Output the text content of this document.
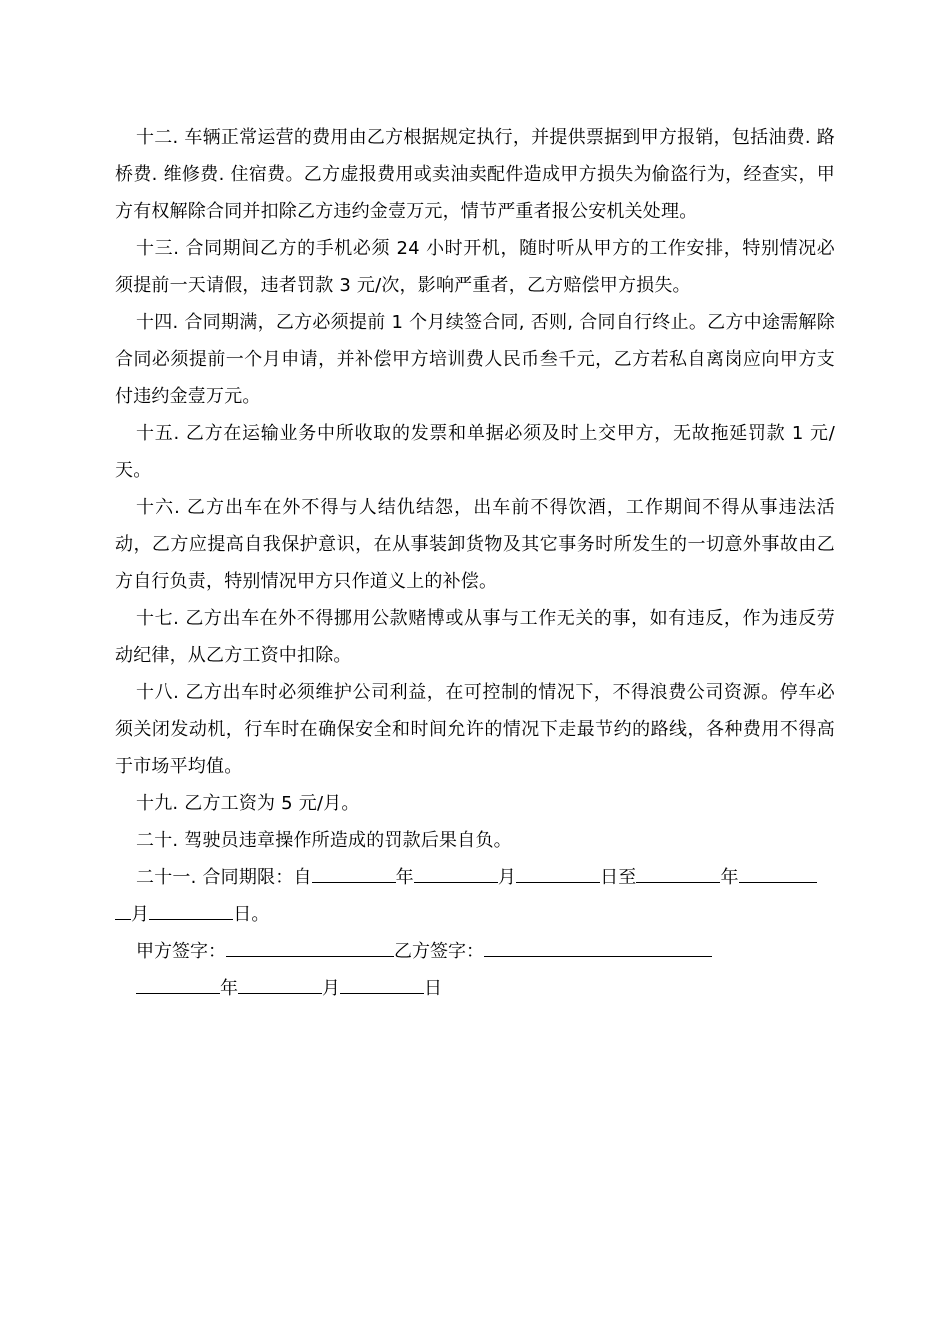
十二. 车辆正常运营的费用由乙方根据规定执行，并提供票据到甲方报销，包括油费. 路桥费. 维修费. 住宿费。乙方虚报费用或卖油卖配件造成甲方损失为偷盗行为，经查实，甲方有权解除合同并扣除乙方违约金壹万元，情节严重者报公安机关处理。

十三. 合同期间乙方的手机必须 24 小时开机，随时听从甲方的工作安排，特别情况必须提前一天请假，违者罚款 3 元/次，影响严重者，乙方赔偿甲方损失。

十四. 合同期满，乙方必须提前 1 个月续签合同, 否则, 合同自行终止。乙方中途需解除合同必须提前一个月申请，并补偿甲方培训费人民币叁千元，乙方若私自离岗应向甲方支付违约金壹万元。

十五. 乙方在运输业务中所收取的发票和单据必须及时上交甲方，无故拖延罚款 1 元/天。

十六. 乙方出车在外不得与人结仇结怨，出车前不得饮酒，工作期间不得从事违法活动，乙方应提高自我保护意识，在从事装卸货物及其它事务时所发生的一切意外事故由乙方自行负责，特别情况甲方只作道义上的补偿。

十七. 乙方出车在外不得挪用公款赌博或从事与工作无关的事，如有违反，作为违反劳动纪律，从乙方工资中扣除。

十八. 乙方出车时必须维护公司利益，在可控制的情况下，不得浪费公司资源。停车必须关闭发动机，行车时在确保安全和时间允许的情况下走最节约的路线，各种费用不得高于市场平均值。

十九. 乙方工资为 5 元/月。

二十. 驾驶员违章操作所造成的罚款后果自负。

二十一. 合同期限：自	年	月	日至	年
月	日。

甲方签字：	乙方签字：

年	月	日
